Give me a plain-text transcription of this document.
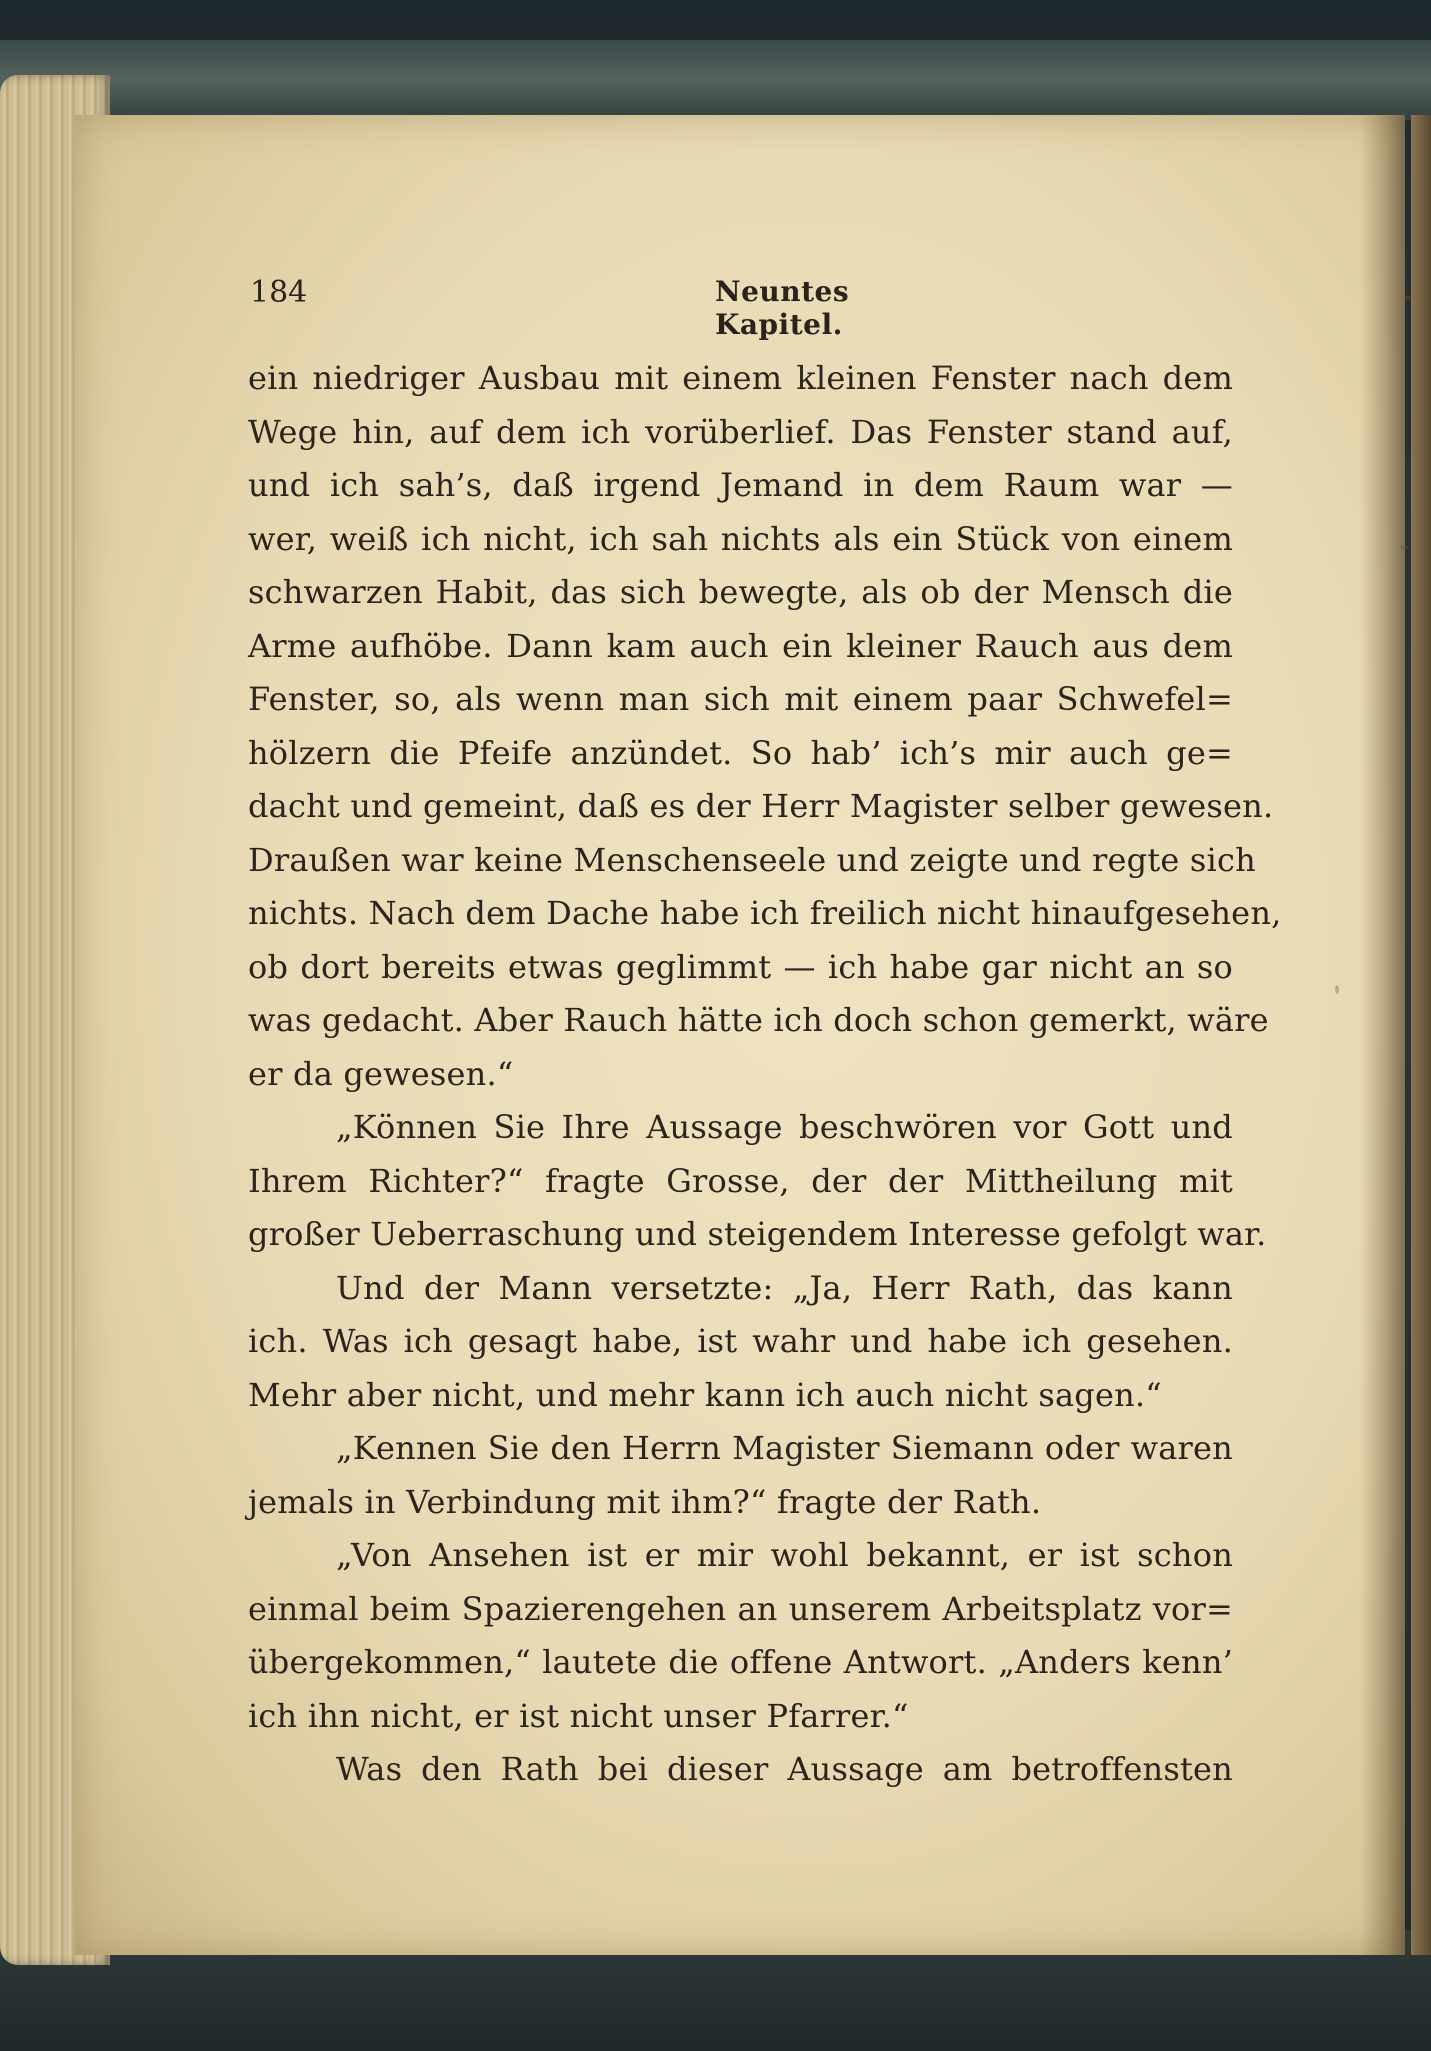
184	Neuntes Kapitel.
ein niedriger Ausbau mit einem kleinen Fenster nach dem
Wege hin, auf dem ich vorüberlief. Das Fenster stand auf,
und ich sah’s, daß irgend Jemand in dem Raum war —
wer, weiß ich nicht, ich sah nichts als ein Stück von einem
schwarzen Habit, das sich bewegte, als ob der Mensch die
Arme aufhöbe. Dann kam auch ein kleiner Rauch aus dem
Fenster, so, als wenn man sich mit einem paar Schwefel=
hölzern die Pfeife anzündet. So hab’ ich’s mir auch ge=
dacht und gemeint, daß es der Herr Magister selber gewesen.
Draußen war keine Menschenseele und zeigte und regte sich
nichts. Nach dem Dache habe ich freilich nicht hinaufgesehen,
ob dort bereits etwas geglimmt — ich habe gar nicht an so
was gedacht. Aber Rauch hätte ich doch schon gemerkt, wäre
er da gewesen.“
„Können Sie Ihre Aussage beschwören vor Gott und
Ihrem Richter?“ fragte Grosse, der der Mittheilung mit
großer Ueberraschung und steigendem Interesse gefolgt war.
Und der Mann versetzte: „Ja, Herr Rath, das kann
ich. Was ich gesagt habe, ist wahr und habe ich gesehen.
Mehr aber nicht, und mehr kann ich auch nicht sagen.“
„Kennen Sie den Herrn Magister Siemann oder waren
jemals in Verbindung mit ihm?“ fragte der Rath.
„Von Ansehen ist er mir wohl bekannt, er ist schon
einmal beim Spazierengehen an unserem Arbeitsplatz vor=
übergekommen,“ lautete die offene Antwort. „Anders kenn’
ich ihn nicht, er ist nicht unser Pfarrer.“
Was den Rath bei dieser Aussage am betroffensten
